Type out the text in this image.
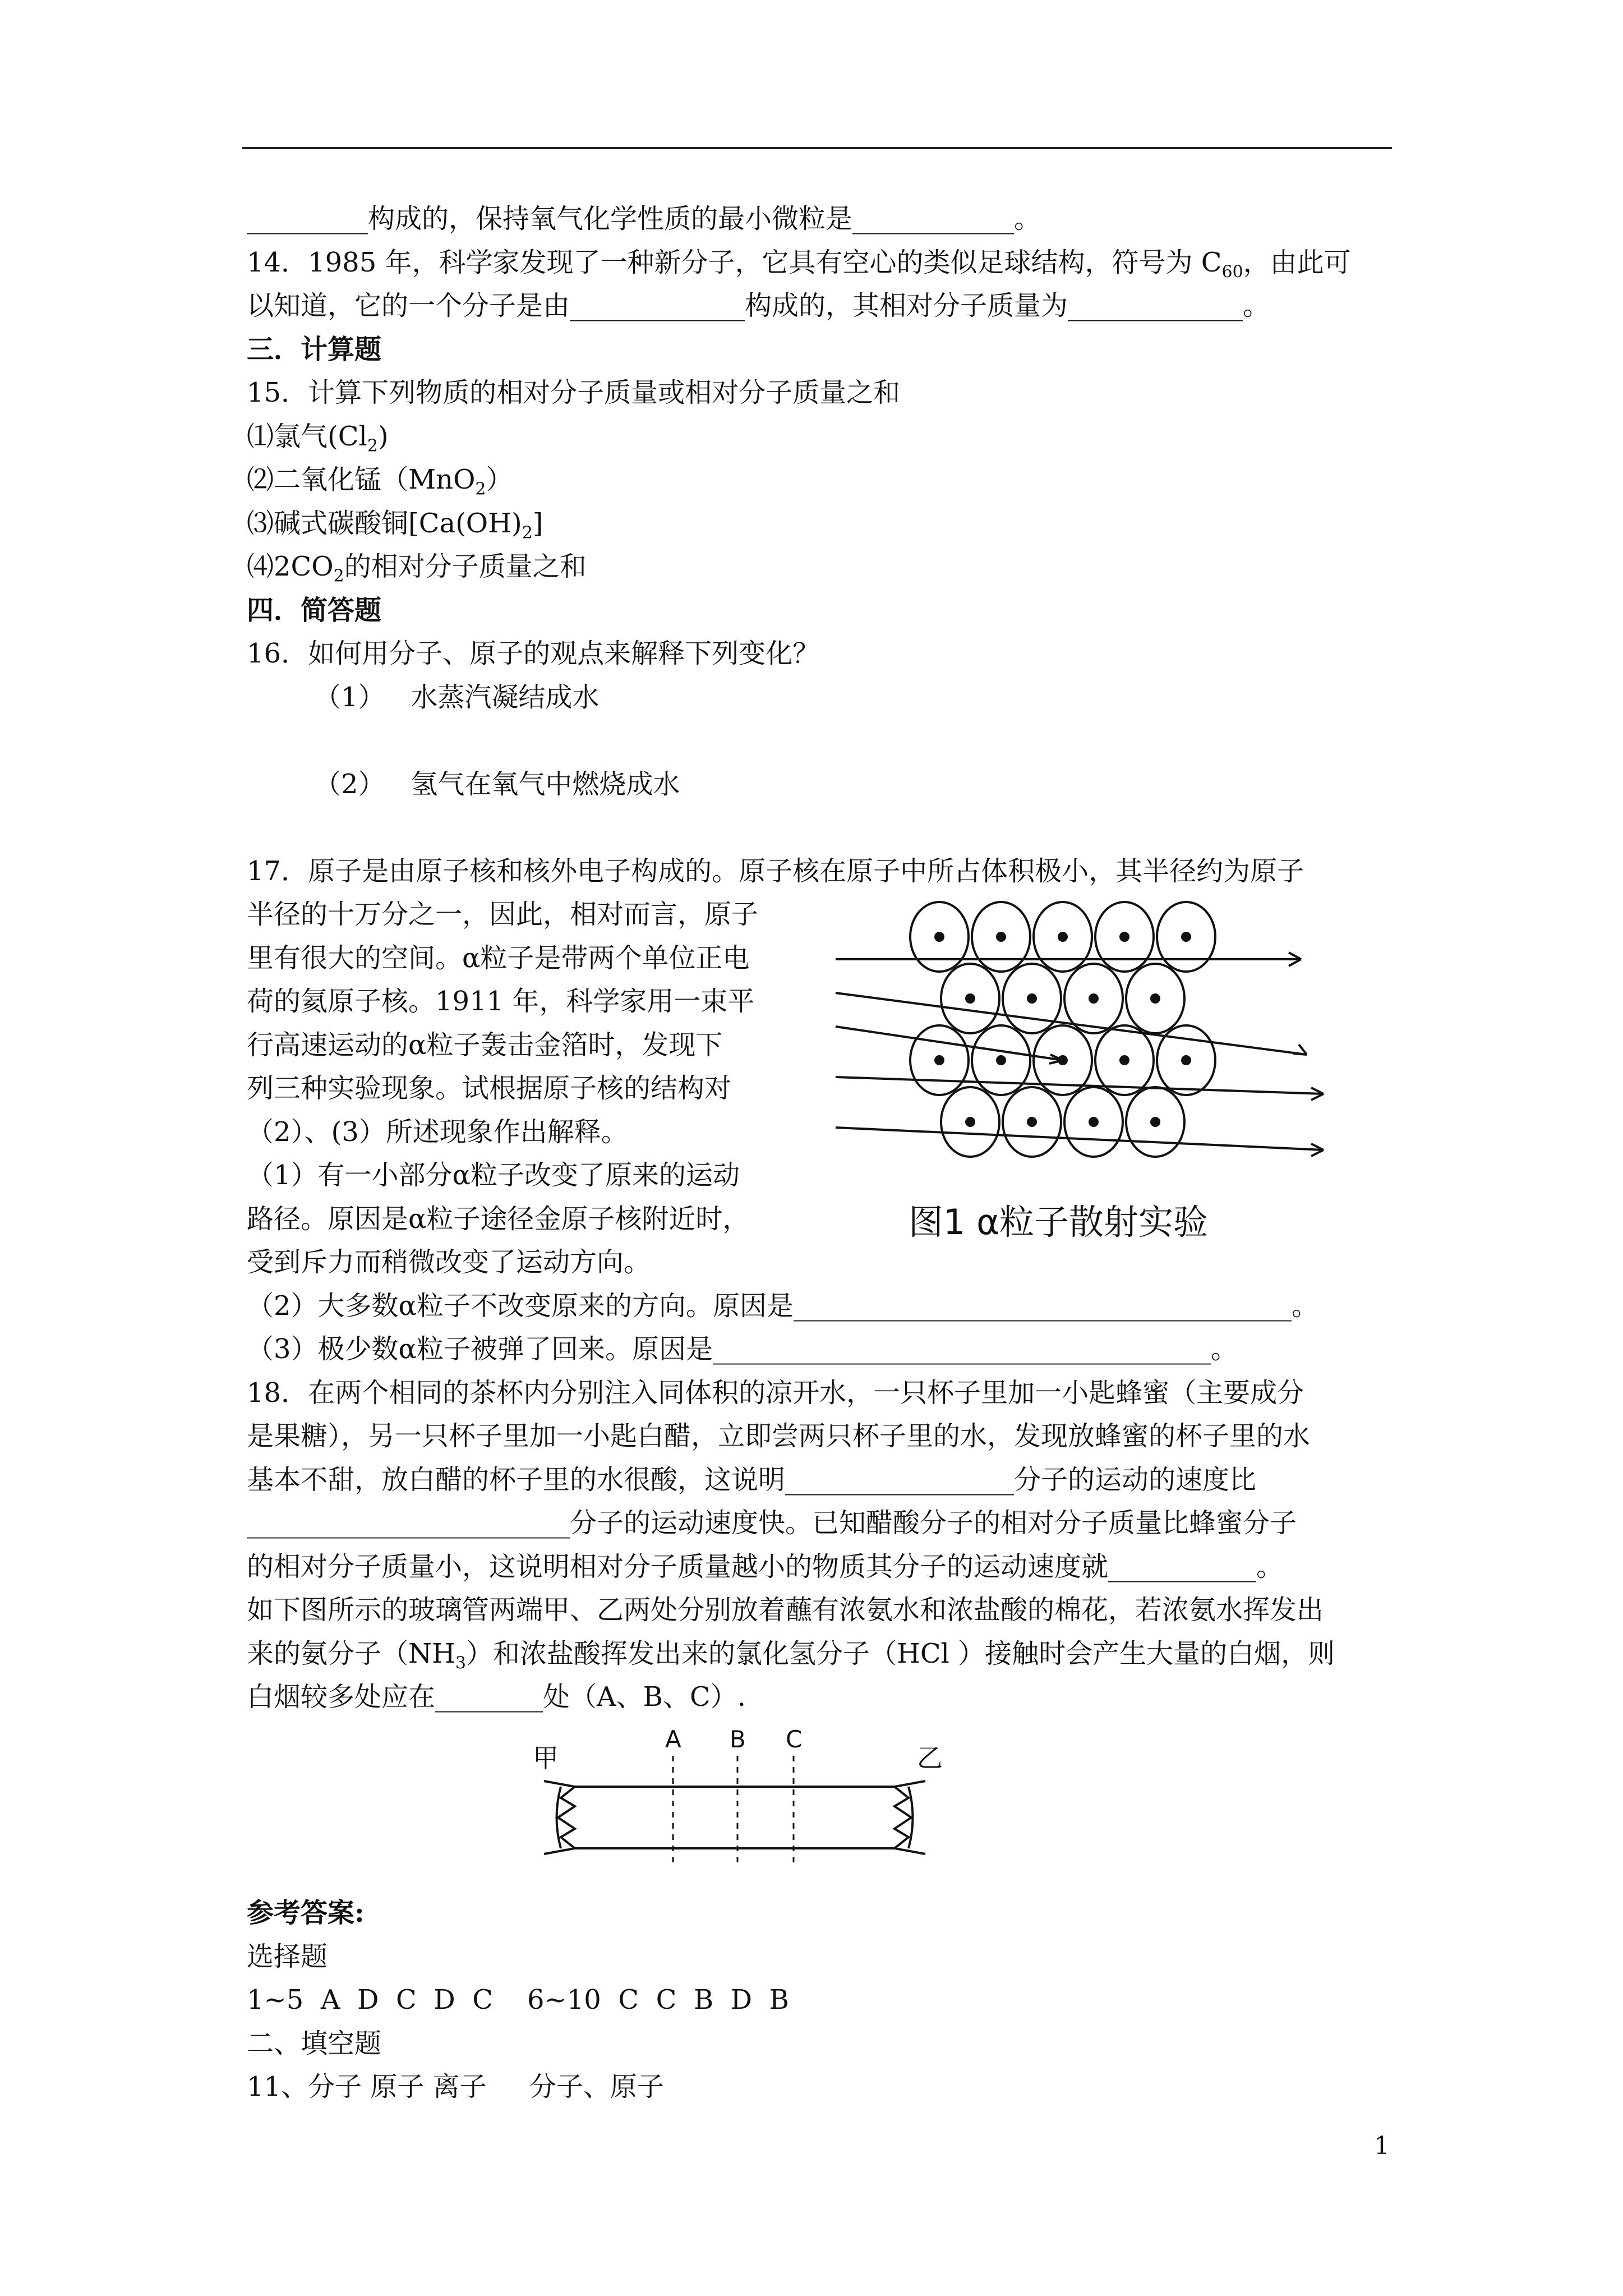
_________构成的，保持氧气化学性质的最小微粒是____________。
14．1985 年，科学家发现了一种新分子，它具有空心的类似足球结构，符号为 $C_{60}$，由此可
以知道，它的一个分子是由_____________构成的，其相对分子质量为_____________。
三．计算题
15．计算下列物质的相对分子质量或相对分子质量之和
⑴氯气$(Cl_2)$
⑵二氧化锰（MnO$_2$）
⑶碱式碳酸铜$[Ca(OH)_2]$
$⑷2CO_2$的相对分子质量之和
四．简答题
16．如何用分子、原子的观点来解释下列变化？
（1）   水蒸汽凝结成水
（2）   氢气在氧气中燃烧成水
17．原子是由原子核和核外电子构成的。原子核在原子中所占体积极小，其半径约为原子
半径的十万分之一，因此，相对而言，原子
里有很大的空间。α粒子是带两个单位正电
荷的氦原子核。1911 年，科学家用一束平
行高速运动的α粒子轰击金箔时，发现下
列三种实验现象。试根据原子核的结构对
（2）、(3）所述现象作出解释。
（1）有一小部分α粒子改变了原来的运动
路径。原因是α粒子途径金原子核附近时，
受到斥力而稍微改变了运动方向。
图1 α粒子散射实验
（2）大多数α粒子不改变原来的方向。原因是_____________________________________。
（3）极少数α粒子被弹了回来。原因是_____________________________________。
18．在两个相同的茶杯内分别注入同体积的凉开水，一只杯子里加一小匙蜂蜜（主要成分
是果糖），另一只杯子里加一小匙白醋，立即尝两只杯子里的水，发现放蜂蜜的杯子里的水
基本不甜，放白醋的杯子里的水很酸，这说明_________________分子的运动的速度比
________________________分子的运动速度快。已知醋酸分子的相对分子质量比蜂蜜分子
的相对分子质量小，这说明相对分子质量越小的物质其分子的运动速度就___________。
如下图所示的玻璃管两端甲、乙两处分别放着蘸有浓氨水和浓盐酸的棉花，若浓氨水挥发出
来的氨分子$(NH_3)$和浓盐酸挥发出来的氯化氢分子（HCl ）接触时会产生大量的白烟，则
白烟较多处应在________处（A、B、C）.
甲	乙
A B C
参考答案:
选择题
1~5  A  D  C  D  C    6~10  C  C  B  D  B
二、填空题
11、分子 原子 离子     分子、原子
1
